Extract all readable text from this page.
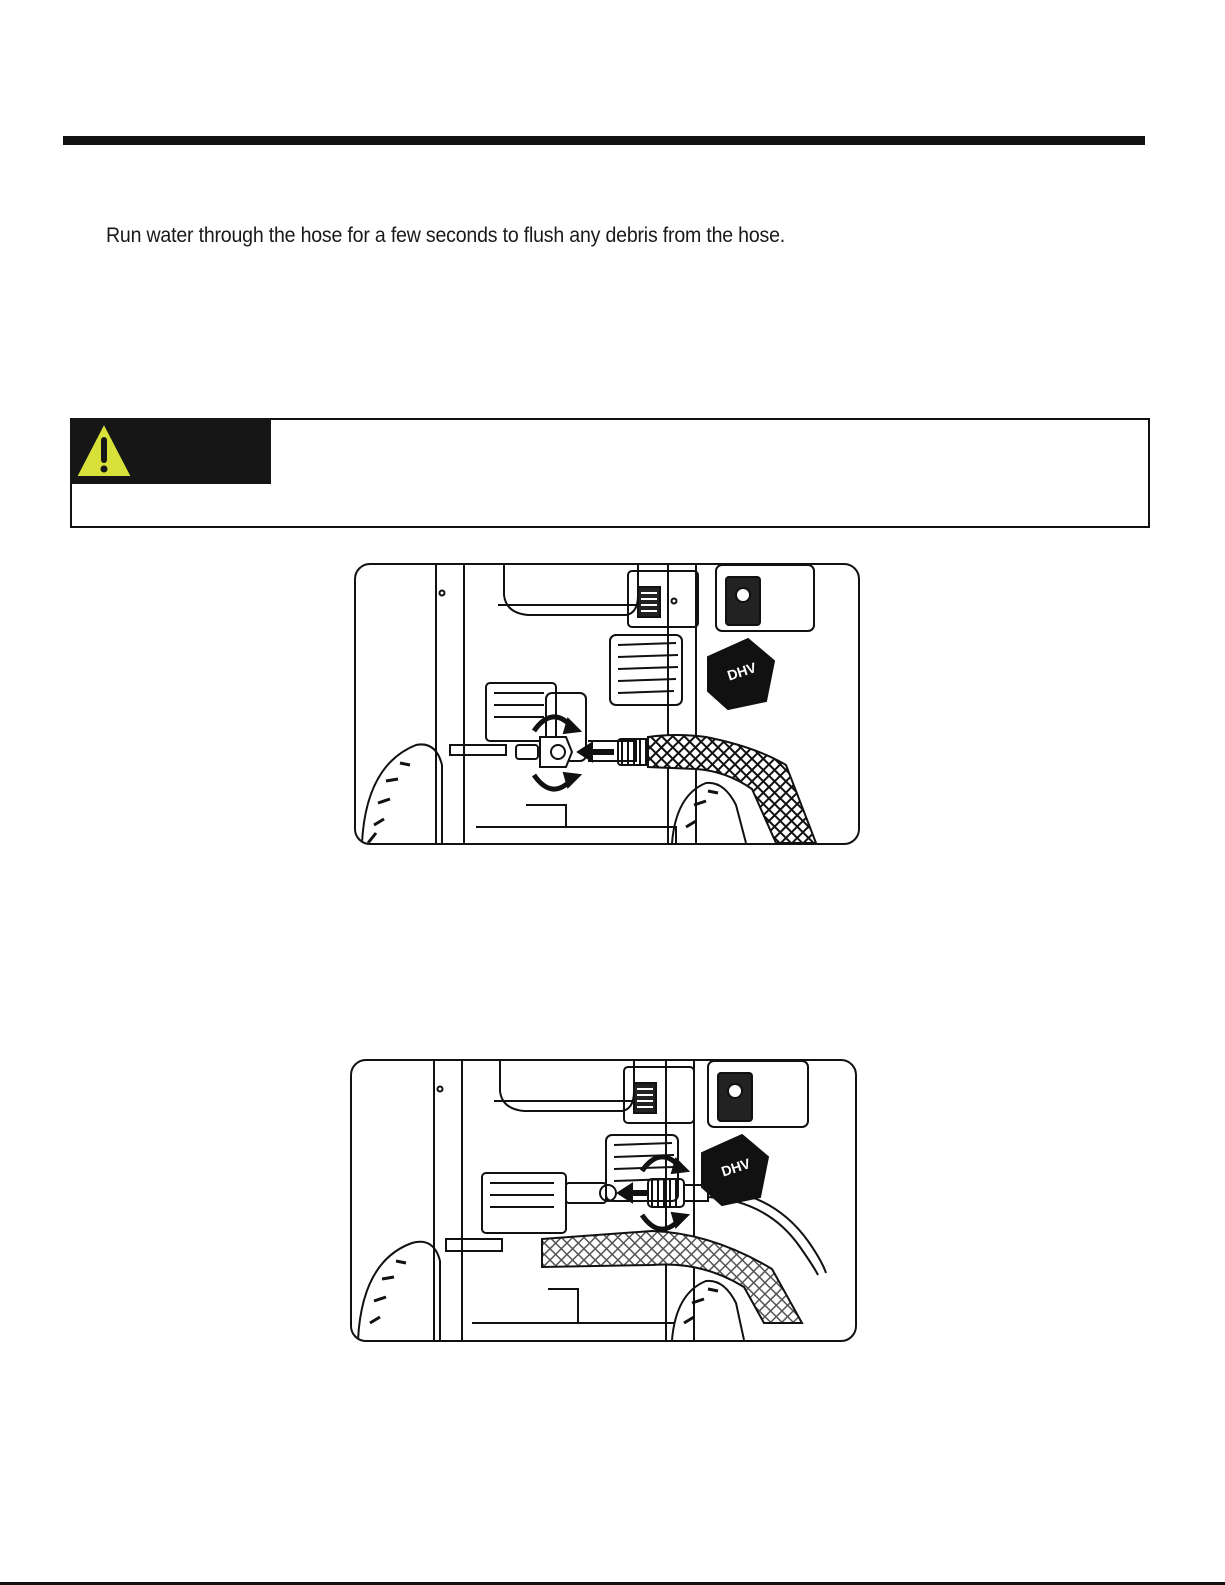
Run water through the hose for a few seconds to flush any debris from the hose.
DHV
DHV
